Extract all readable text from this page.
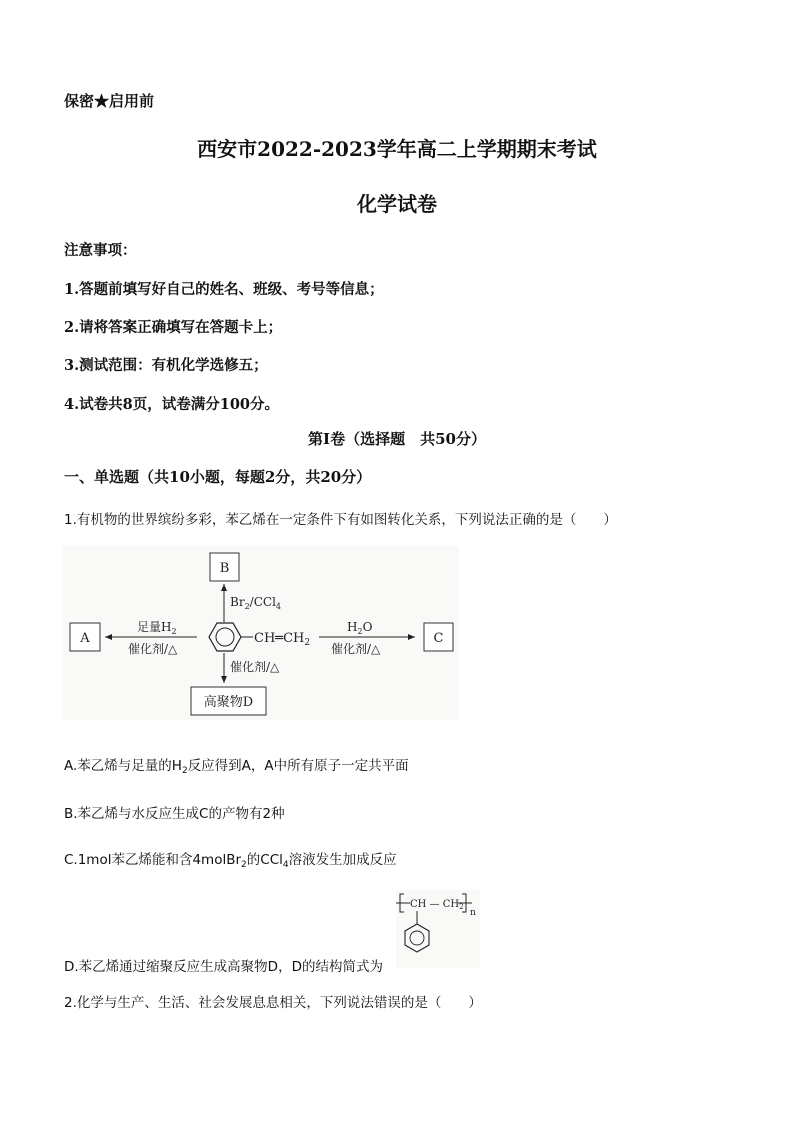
保密★启用前
西安市2022-2023学年高二上学期期末考试
化学试卷
注意事项：
1.答题前填写好自己的姓名、班级、考号等信息；
2.请将答案正确填写在答题卡上；
3.测试范围：有机化学选修五；
4.试卷共8页，试卷满分100分。
第I卷（选择题　共50分）
一、单选题（共10小题，每题2分，共20分）
1.有机物的世界缤纷多彩，苯乙烯在一定条件下有如图转化关系，下列说法正确的是（　　）
B
$Br_2/CCl_4$
A
足量$H_2$
催化剂/△
$CH═CH_2$
$H_2O$
催化剂/△
C
催化剂/△
高聚物D
A.苯乙烯与足量的$H_2$反应得到A，A中所有原子一定共平面
B.苯乙烯与水反应生成C的产物有2种
C.1mol苯乙烯能和含4molBr$_2$的CCl$_4$溶液发生加成反应
D.苯乙烯通过缩聚反应生成高聚物D，D的结构简式为
CH — $CH_2$
n
2.化学与生产、生活、社会发展息息相关，下列说法错误的是（　　）
